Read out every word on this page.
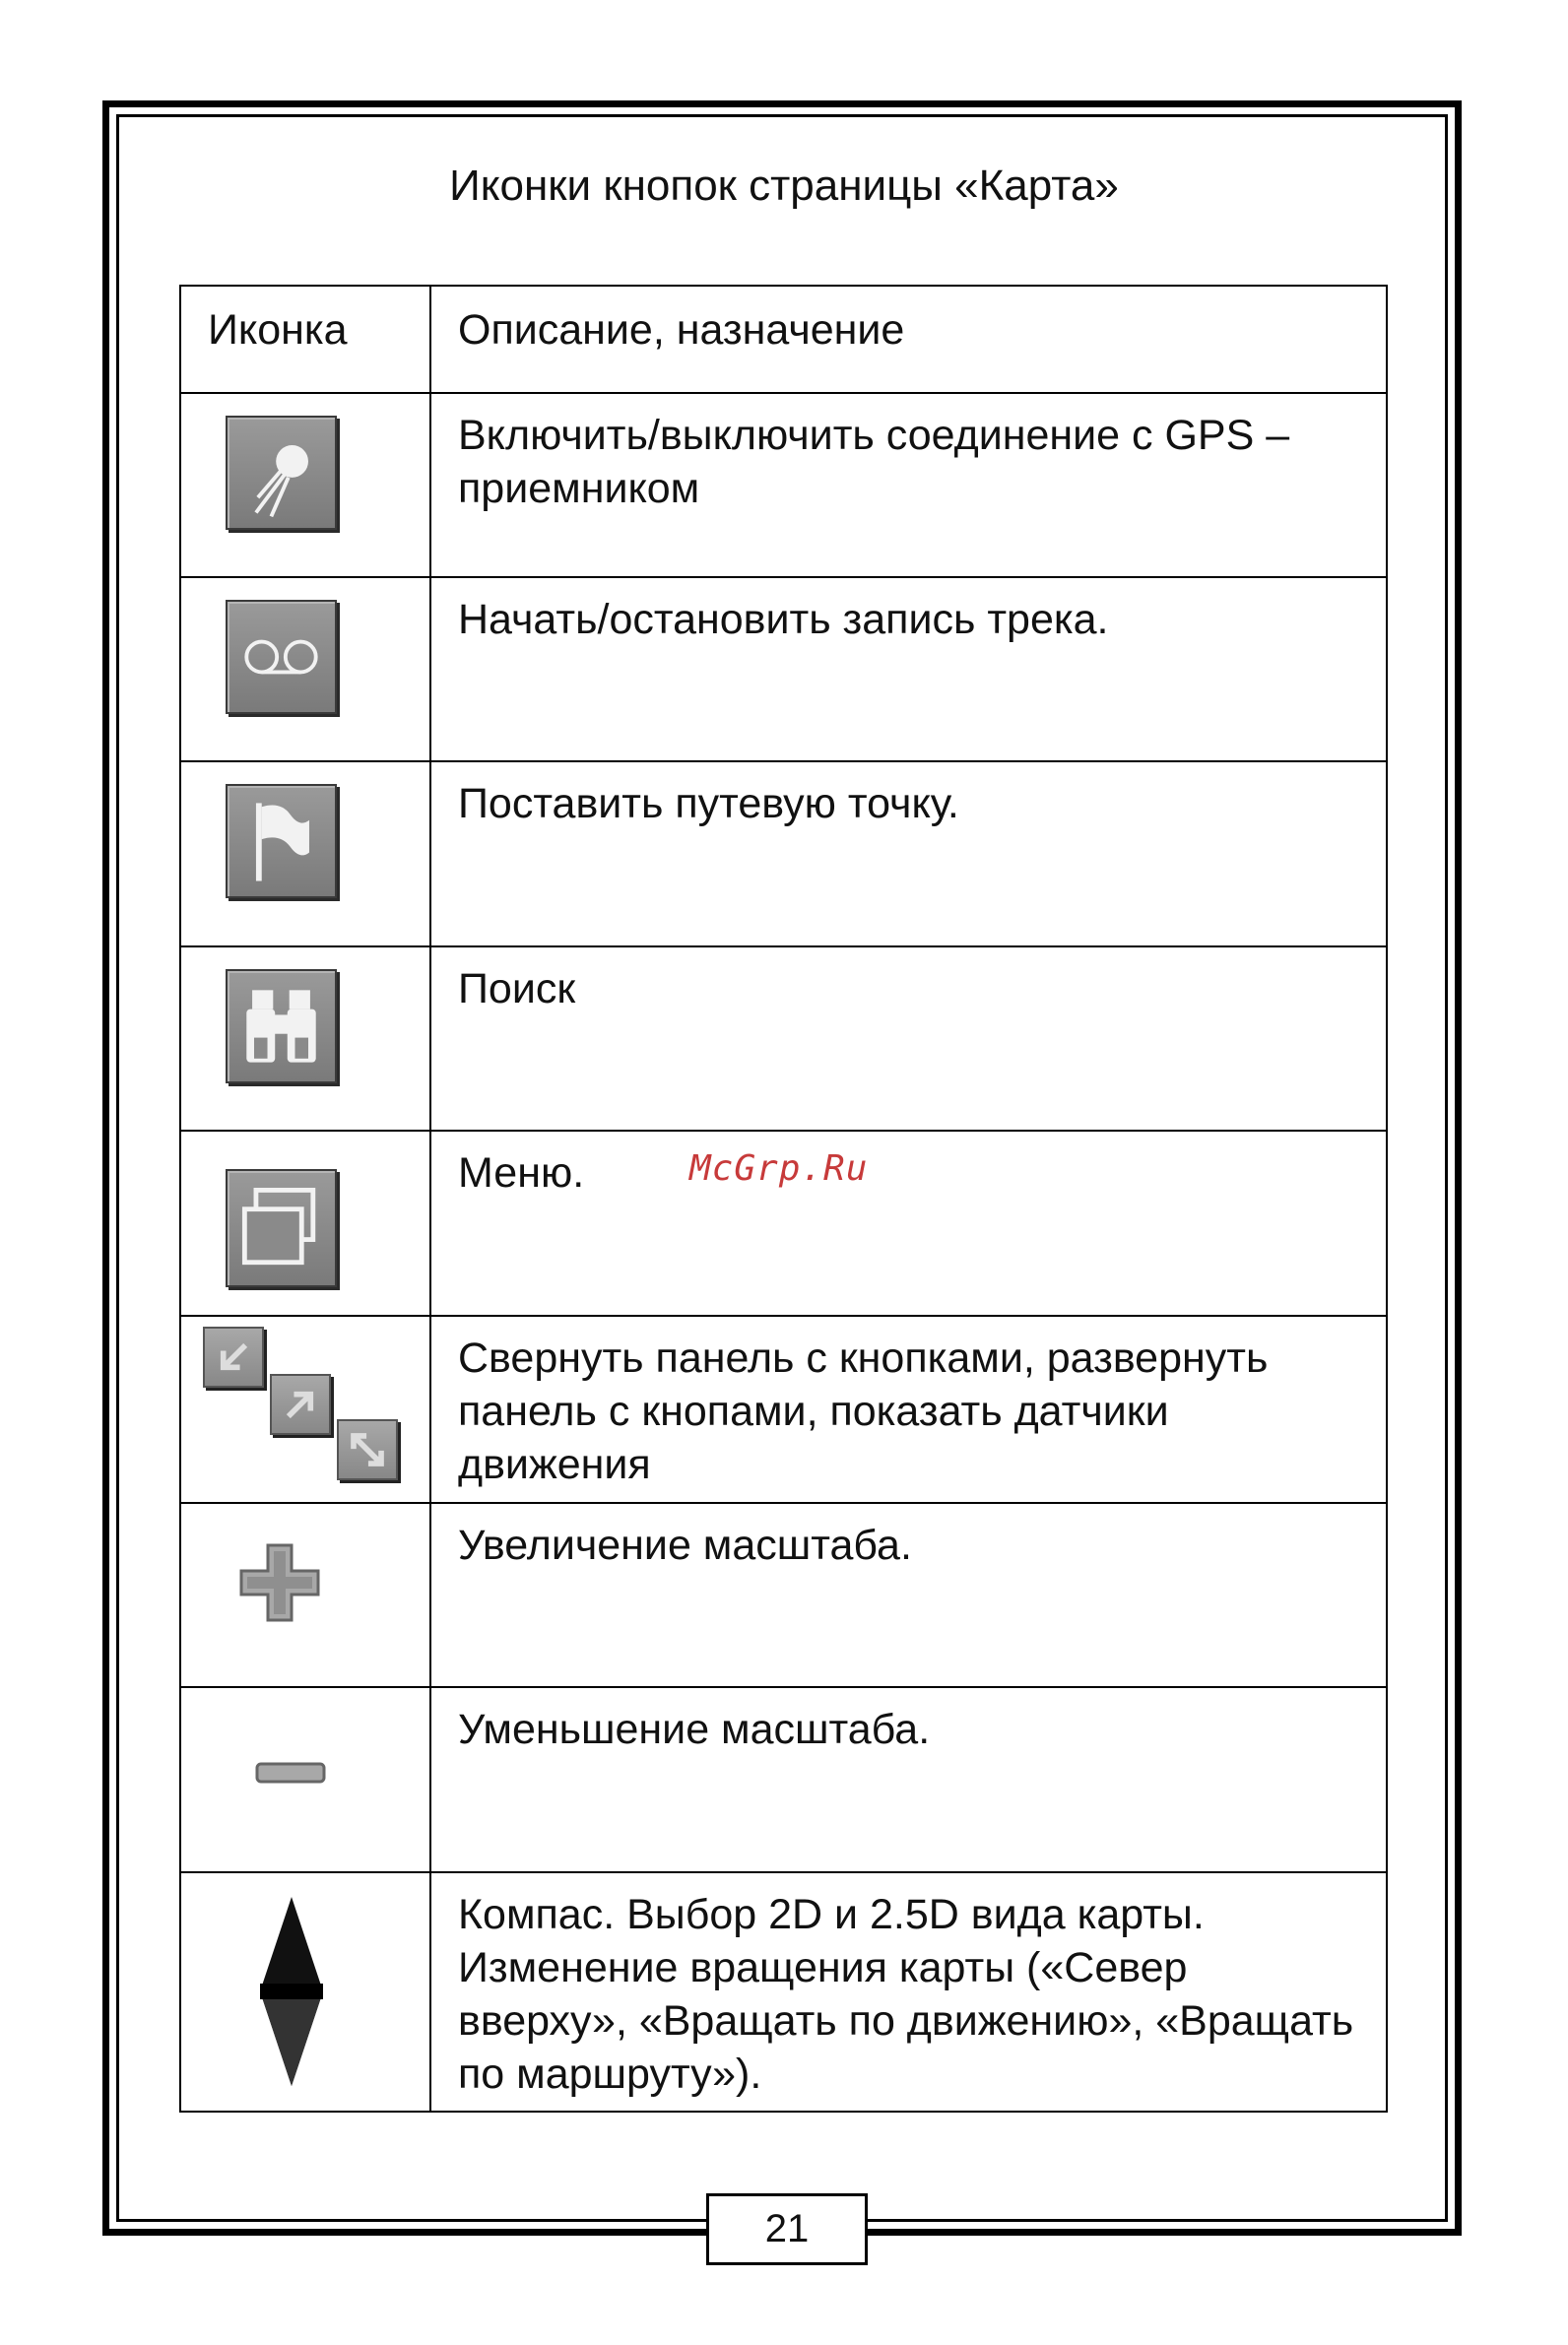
Иконки кнопок страницы «Карта»
Иконка	Описание, назначение

	Включить/выключить соединение с GPS – приемником

	Начать/остановить запись трека.

	Поставить путевую точку.

	Поиск

	Меню.

	Свернуть панель с кнопками, развернуть панель с кнопами, показать датчики движения

	Увеличение масштаба.

	Уменьшение масштаба.

	Компас. Выбор 2D и 2.5D вида карты. Изменение вращения карты («Север вверху», «Вращать по движению», «Вращать по маршруту»).
McGrp.Ru
21
